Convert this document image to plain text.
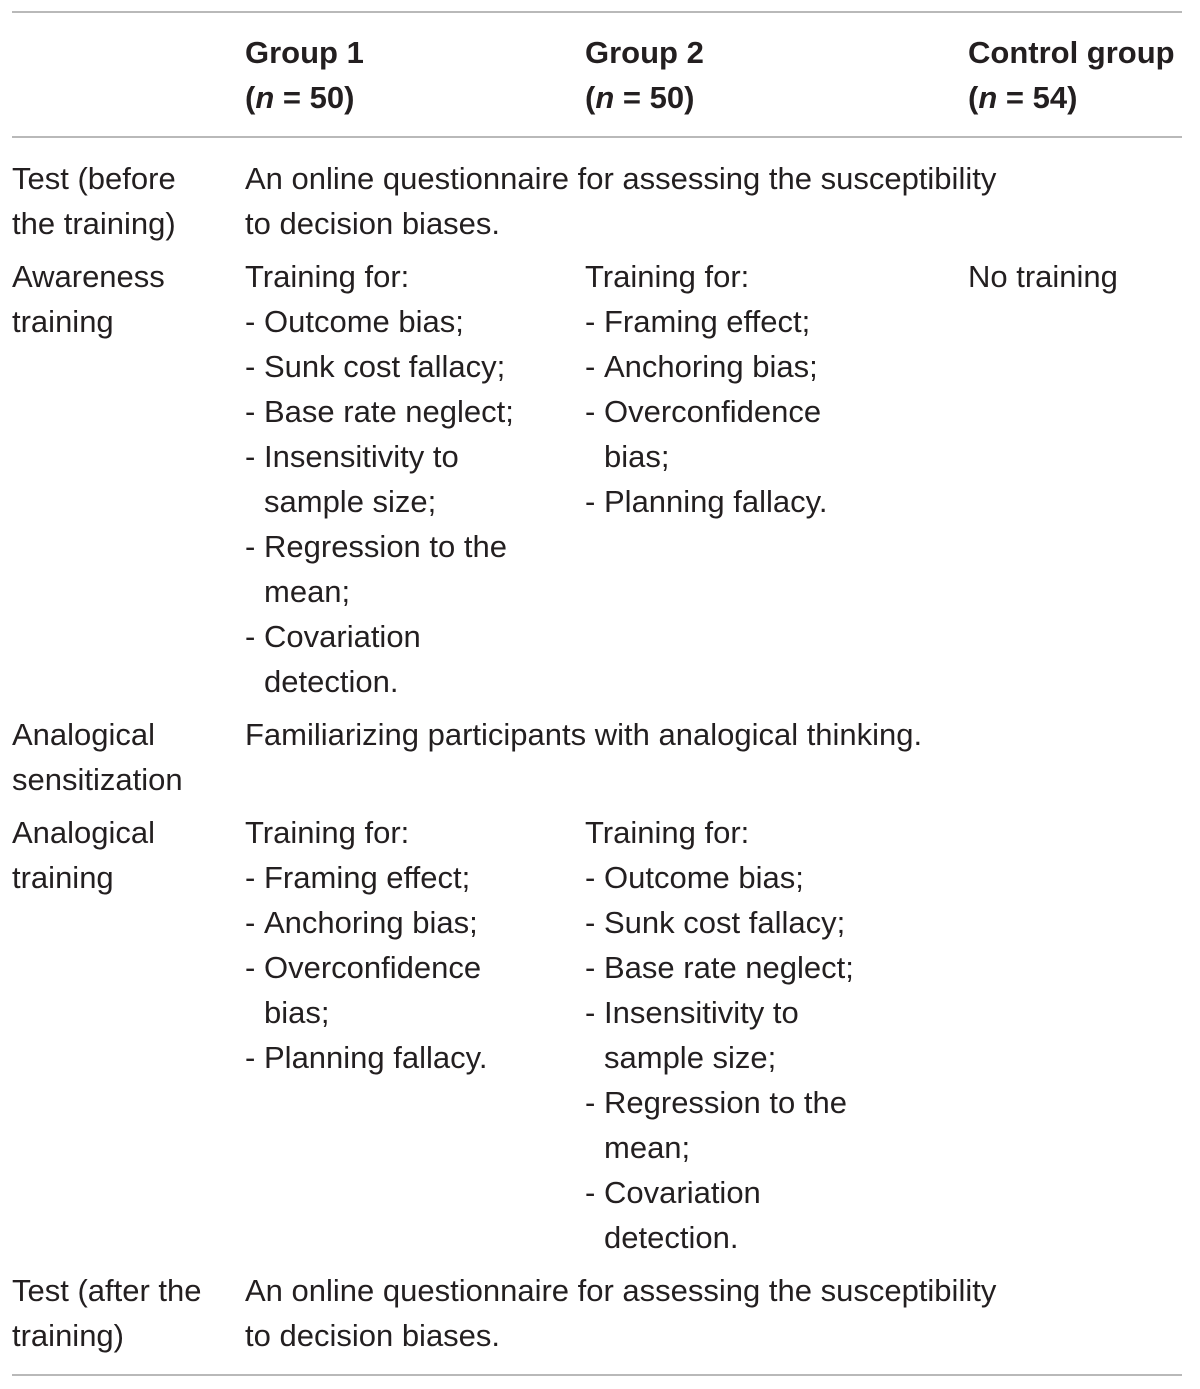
Group 1
(n = 50)
Group 2
(n = 50)
Control group
(n = 54)
Test (before
the training)
An online questionnaire for assessing the susceptibility
to decision biases.
Awareness
training
Training for:
- Outcome bias;
- Sunk cost fallacy;
- Base rate neglect;
- Insensitivity to sample size;
- Regression to the mean;
- Covariation detection.
Training for:
- Framing effect;
- Anchoring bias;
- Overconfidence bias;
- Planning fallacy.
No training
Analogical
sensitization
Familiarizing participants with analogical thinking.
Analogical
training
Training for:
- Framing effect;
- Anchoring bias;
- Overconfidence bias;
- Planning fallacy.
Training for:
- Outcome bias;
- Sunk cost fallacy;
- Base rate neglect;
- Insensitivity to sample size;
- Regression to the mean;
- Covariation detection.
Test (after the
training)
An online questionnaire for assessing the susceptibility
to decision biases.
